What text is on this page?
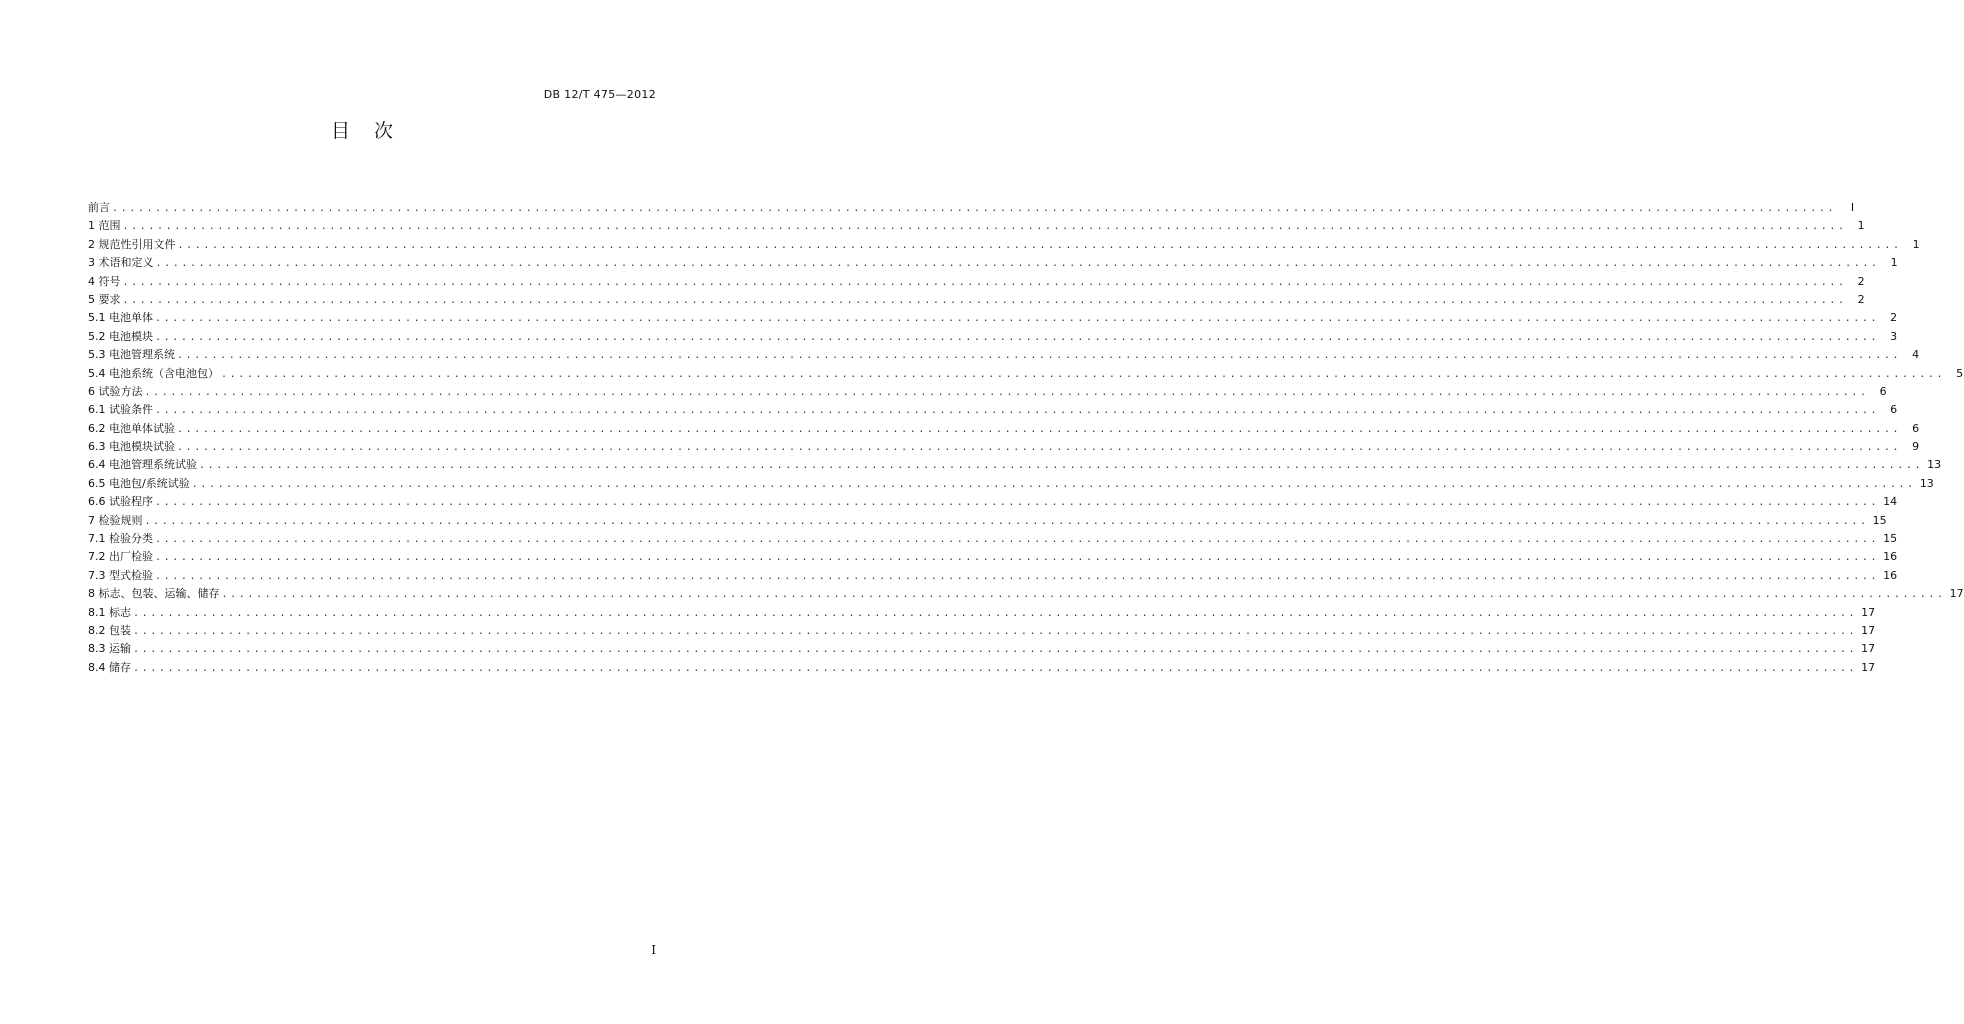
DB 12/T 475—2012
目 次
前言 ........................................................................................................................................................................................................	I
1 范围 ........................................................................................................................................................................................................	1
2 规范性引用文件 ........................................................................................................................................................................................................	1
3 术语和定义 ........................................................................................................................................................................................................	1
4 符号 ........................................................................................................................................................................................................	2
5 要求 ........................................................................................................................................................................................................	2
5.1 电池单体 ........................................................................................................................................................................................................	2
5.2 电池模块 ........................................................................................................................................................................................................	3
5.3 电池管理系统 ........................................................................................................................................................................................................	4
5.4 电池系统（含电池包） ........................................................................................................................................................................................................	5
6 试验方法 ........................................................................................................................................................................................................	6
6.1 试验条件 ........................................................................................................................................................................................................	6
6.2 电池单体试验 ........................................................................................................................................................................................................	6
6.3 电池模块试验 ........................................................................................................................................................................................................	9
6.4 电池管理系统试验 ........................................................................................................................................................................................................ 13
6.5 电池包/系统试验 ........................................................................................................................................................................................................ 13
6.6 试验程序 ........................................................................................................................................................................................................ 14
7 检验规则 ........................................................................................................................................................................................................ 15
7.1 检验分类 ........................................................................................................................................................................................................ 15
7.2 出厂检验 ........................................................................................................................................................................................................ 16
7.3 型式检验 ........................................................................................................................................................................................................ 16
8 标志、包装、运输、储存 ........................................................................................................................................................................................................ 17
8.1 标志 ........................................................................................................................................................................................................ 17
8.2 包装 ........................................................................................................................................................................................................ 17
8.3 运输 ........................................................................................................................................................................................................ 17
8.4 储存 ........................................................................................................................................................................................................ 17
I
